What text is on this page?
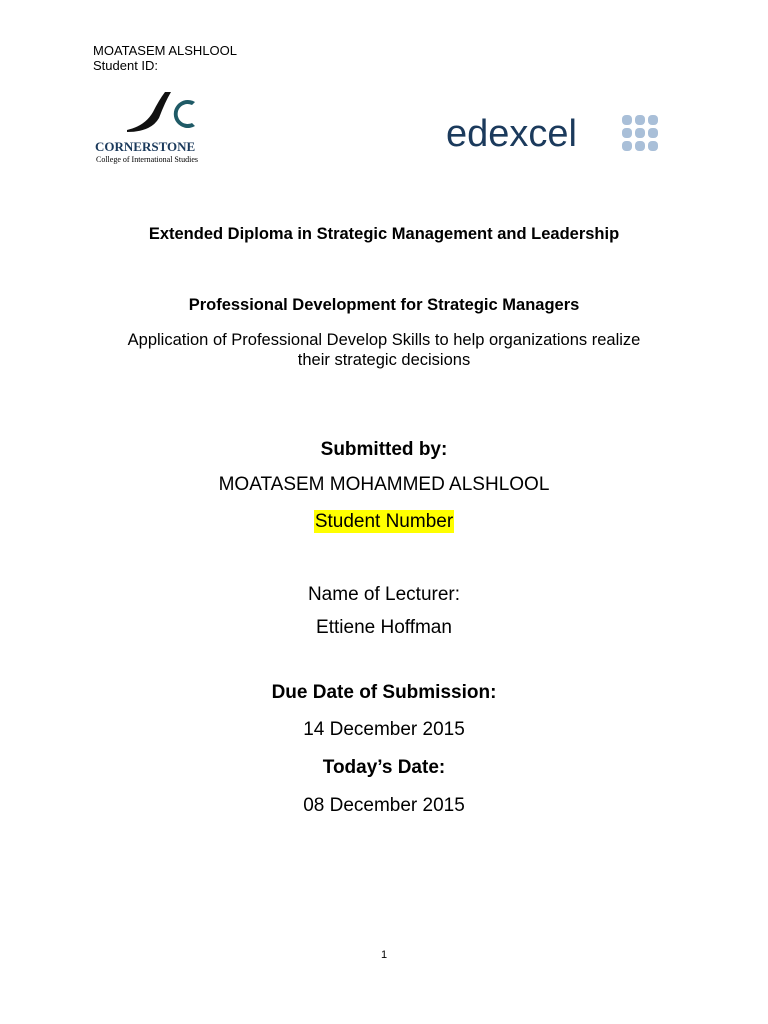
MOATASEM ALSHLOOL
Student ID:
CORNERSTONE
College of International Studies
edexcel
Extended Diploma in Strategic Management and Leadership
Professional Development for Strategic Managers
Application of Professional Develop Skills to help organizations realize
their strategic decisions
Submitted by:
MOATASEM MOHAMMED ALSHLOOL
Student Number
Name of Lecturer:
Ettiene Hoffman
Due Date of Submission:
14 December 2015
Today’s Date:
08 December 2015
1
